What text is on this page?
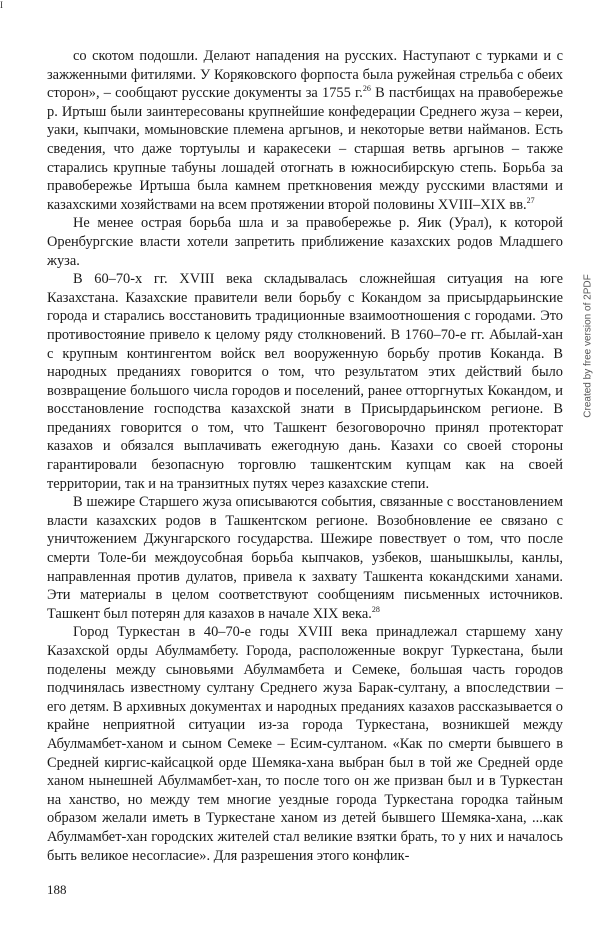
I

со скотом подошли. Делают нападения на русских. Наступают с турками и с зажженными фитилями. У Коряковского форпоста была ружейная стрельба с обеих сторон», – сообщают русские документы за 1755 г.$^{26}$ В пастбищах на правобережье р. Иртыш были заинтересованы крупнейшие конфедерации Среднего жуза – кереи, уаки, кыпчаки, момыновские племена аргынов, и некоторые ветви найманов. Есть сведения, что даже тортуылы и каракесеки – старшая ветвь аргынов – также старались крупные табуны лошадей отогнать в южносибирскую степь. Борьба за правобережье Иртыша была камнем преткновения между русскими властями и казахскими хозяйствами на всем протяжении второй половины XVIII–XIX вв.$^{27}$

Не менее острая борьба шла и за правобережье р. Яик (Урал), к которой Оренбургские власти хотели запретить приближение казахских родов Младшего жуза.

В 60–70-х гг. XVIII века складывалась сложнейшая ситуация на юге Казахстана. Казахские правители вели борьбу с Кокандом за присырдарьинские города и старались восстановить традиционные взаимоотношения с городами. Это противостояние привело к целому ряду столкновений. В 1760–70-е гг. Абылай-хан с крупным контингентом войск вел вооруженную борьбу против Коканда. В народных преданиях говорится о том, что результатом этих действий было возвращение большого числа городов и поселений, ранее отторгнутых Кокандом, и восстановление господства казахской знати в Присырдарьинском регионе. В преданиях говорится о том, что Ташкент безоговорочно принял протекторат казахов и обязался выплачивать ежегодную дань. Казахи со своей стороны гарантировали безопасную торговлю ташкентским купцам как на своей территории, так и на транзитных путях через казахские степи.

В шежире Старшего жуза описываются события, связанные с восстановлением власти казахских родов в Ташкентском регионе. Возобновление ее связано с уничтожением Джунгарского государства. Шежире повествует о том, что после смерти Толе-би междоусобная борьба кыпчаков, узбеков, шанышкылы, канлы, направленная против дулатов, привела к захвату Ташкента кокандскими ханами. Эти материалы в целом соответствуют сообщениям письменных источников. Ташкент был потерян для казахов в начале XIX века.$^{28}$

Город Туркестан в 40–70-е годы XVIII века принадлежал старшему хану Казахской орды Абулмамбету. Города, расположенные вокруг Туркестана, были поделены между сыновьями Абулмамбета и Семеке, большая часть городов подчинялась известному султану Среднего жуза Барак-султану, а впоследствии – его детям. В архивных документах и народных преданиях казахов рассказывается о крайне неприятной ситуации из-за города Туркестана, возникшей между Абулмамбет-ханом и сыном Семеке – Есим-султаном. «Как по смерти бывшего в Средней киргис-кайсацкой орде Шемяка-хана выбран был в той же Средней орде ханом нынешней Абулмамбет-хан, то после того он же призван был и в Туркестан на ханство, но между тем многие уездные города Туркестана городка тайным образом желали иметь в Туркестане ханом из детей бывшего Шемяка-хана, ...как Абулмамбет-хан городских жителей стал великие взятки брать, то у них и началось быть великое несогласие». Для разрешения этого конфлик-

188
Created by free version of 2PDF
